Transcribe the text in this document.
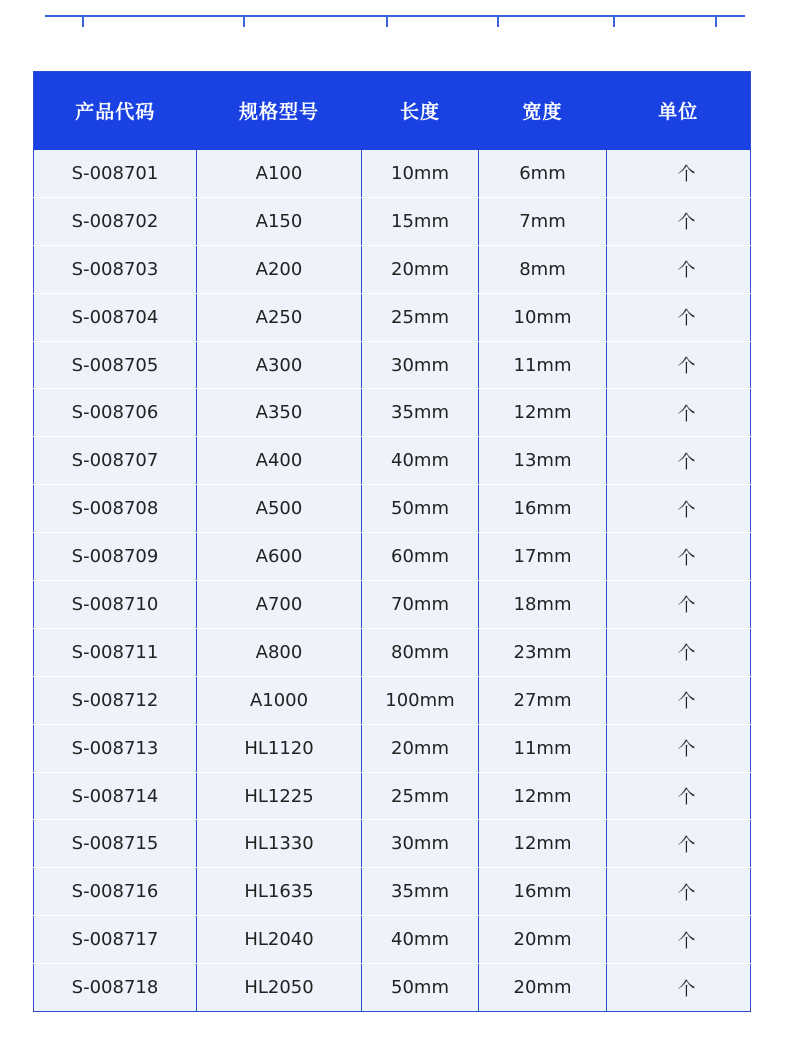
产品代码	规格型号	长度	宽度	单位
S-008701	A100	10mm	6mm	个
S-008702	A150	15mm	7mm	个
S-008703	A200	20mm	8mm	个
S-008704	A250	25mm	10mm	个
S-008705	A300	30mm	11mm	个
S-008706	A350	35mm	12mm	个
S-008707	A400	40mm	13mm	个
S-008708	A500	50mm	16mm	个
S-008709	A600	60mm	17mm	个
S-008710	A700	70mm	18mm	个
S-008711	A800	80mm	23mm	个
S-008712	A1000	100mm	27mm	个
S-008713	HL1120	20mm	11mm	个
S-008714	HL1225	25mm	12mm	个
S-008715	HL1330	30mm	12mm	个
S-008716	HL1635	35mm	16mm	个
S-008717	HL2040	40mm	20mm	个
S-008718	HL2050	50mm	20mm	个
